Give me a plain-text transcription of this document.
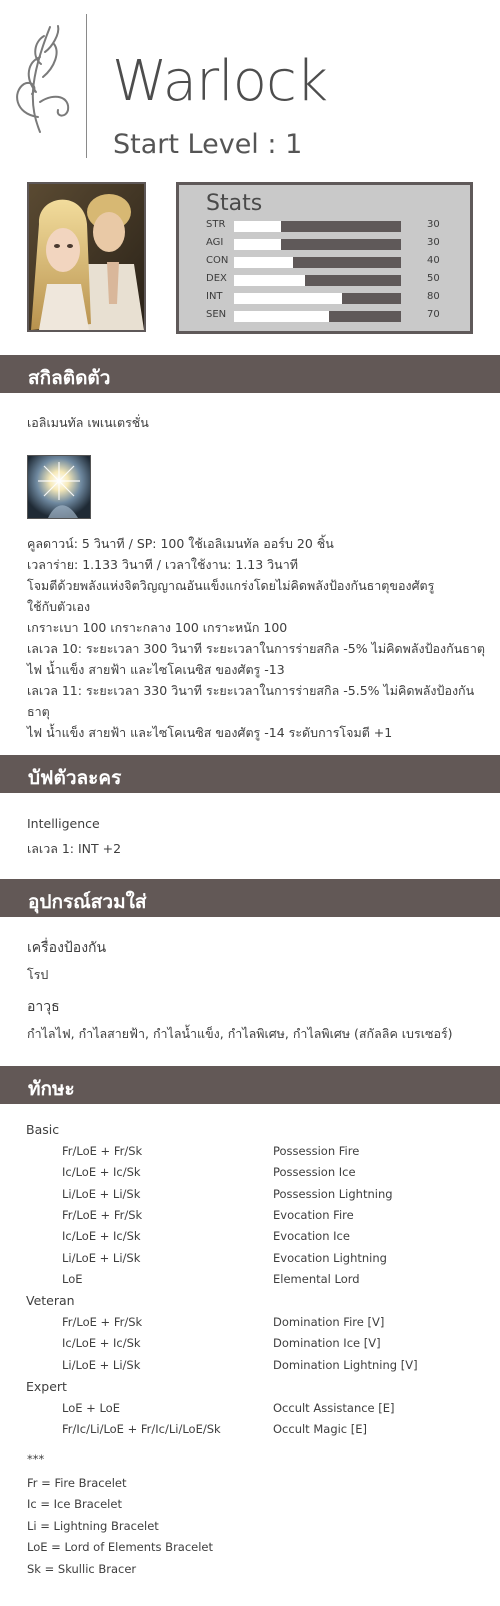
Warlock
Start Level : 1
Stats
STR	30
AGI	30
CON	40
DEX	50
INT	80
SEN	70
สกิลติดตัว
เอลิเมนทัล เพเนเตรชั่น
คูลดาวน์: 5 วินาที / SP: 100 ใช้เอลิเมนทัล ออร์บ 20 ชิ้น
เวลาร่าย: 1.133 วินาที / เวลาใช้งาน: 1.13 วินาที
โจมตีด้วยพลังแห่งจิตวิญญาณอันแข็งแกร่งโดยไม่คิดพลังป้องกันธาตุของศัตรู
ใช้กับตัวเอง
เกราะเบา 100 เกราะกลาง 100 เกราะหนัก 100
เลเวล 10: ระยะเวลา 300 วินาที ระยะเวลาในการร่ายสกิล -5% ไม่คิดพลังป้องกันธาตุ
ไฟ น้ำแข็ง สายฟ้า และไซโคเนซิส ของศัตรู -13
เลเวล 11: ระยะเวลา 330 วินาที ระยะเวลาในการร่ายสกิล -5.5% ไม่คิดพลังป้องกันธาตุ
ไฟ น้ำแข็ง สายฟ้า และไซโคเนซิส ของศัตรู -14 ระดับการโจมตี +1
บัฟตัวละคร
Intelligence
เลเวล 1: INT +2
อุปกรณ์สวมใส่
เครื่องป้องกัน
โรป
อาวุธ
กำไลไฟ, กำไลสายฟ้า, กำไลน้ำแข็ง, กำไลพิเศษ, กำไลพิเศษ (สกัลลิค เบรเซอร์)
ทักษะ
Basic
Fr/LoE + Fr/Sk	Possession Fire
Ic/LoE + Ic/Sk	Possession Ice
Li/LoE + Li/Sk	Possession Lightning
Fr/LoE + Fr/Sk	Evocation Fire
Ic/LoE + Ic/Sk	Evocation Ice
Li/LoE + Li/Sk	Evocation Lightning
LoE	Elemental Lord
Veteran
Fr/LoE + Fr/Sk	Domination Fire [V]
Ic/LoE + Ic/Sk	Domination Ice [V]
Li/LoE + Li/Sk	Domination Lightning [V]
Expert
LoE + LoE	Occult Assistance [E]
Fr/Ic/Li/LoE + Fr/Ic/Li/LoE/Sk	Occult Magic [E]
***
Fr = Fire Bracelet
Ic = Ice Bracelet
Li = Lightning Bracelet
LoE = Lord of Elements Bracelet
Sk = Skullic Bracer
